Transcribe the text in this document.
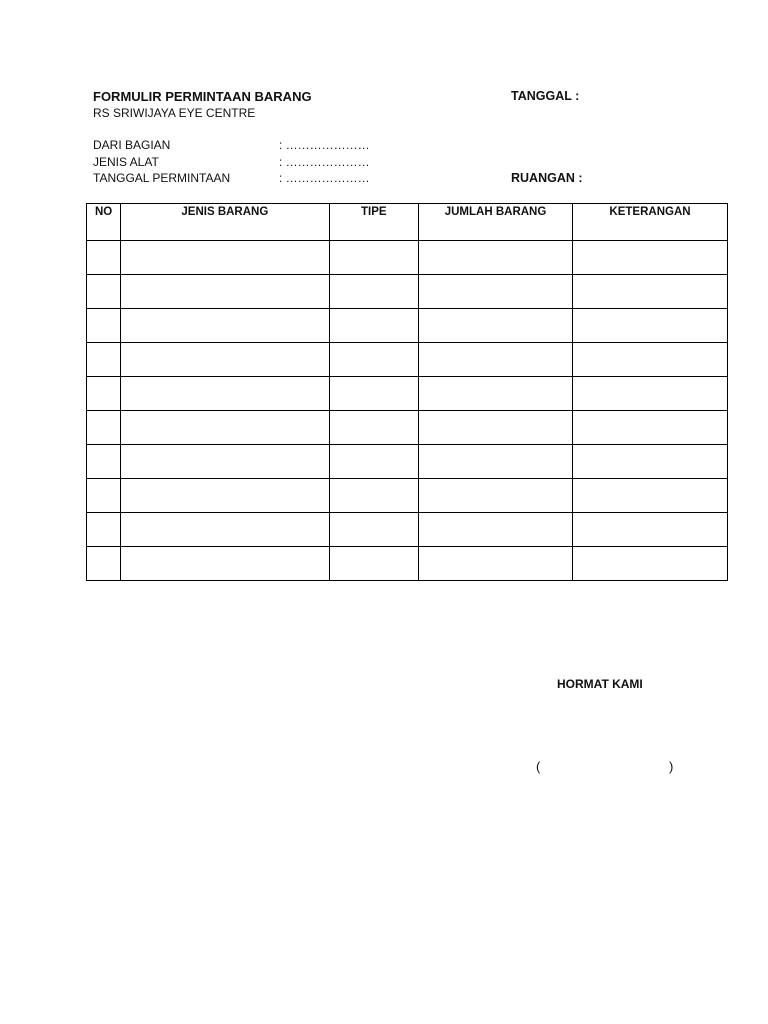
FORMULIR PERMINTAAN BARANG
RS SRIWIJAYA EYE CENTRE
TANGGAL :
DARI BAGIAN	: …………………
JENIS ALAT	: …………………
TANGGAL PERMINTAAN	: …………………	RUANGAN :
NO	JENIS BARANG	TIPE	JUMLAH BARANG	KETERANGAN

HORMAT KAMI
(	)
